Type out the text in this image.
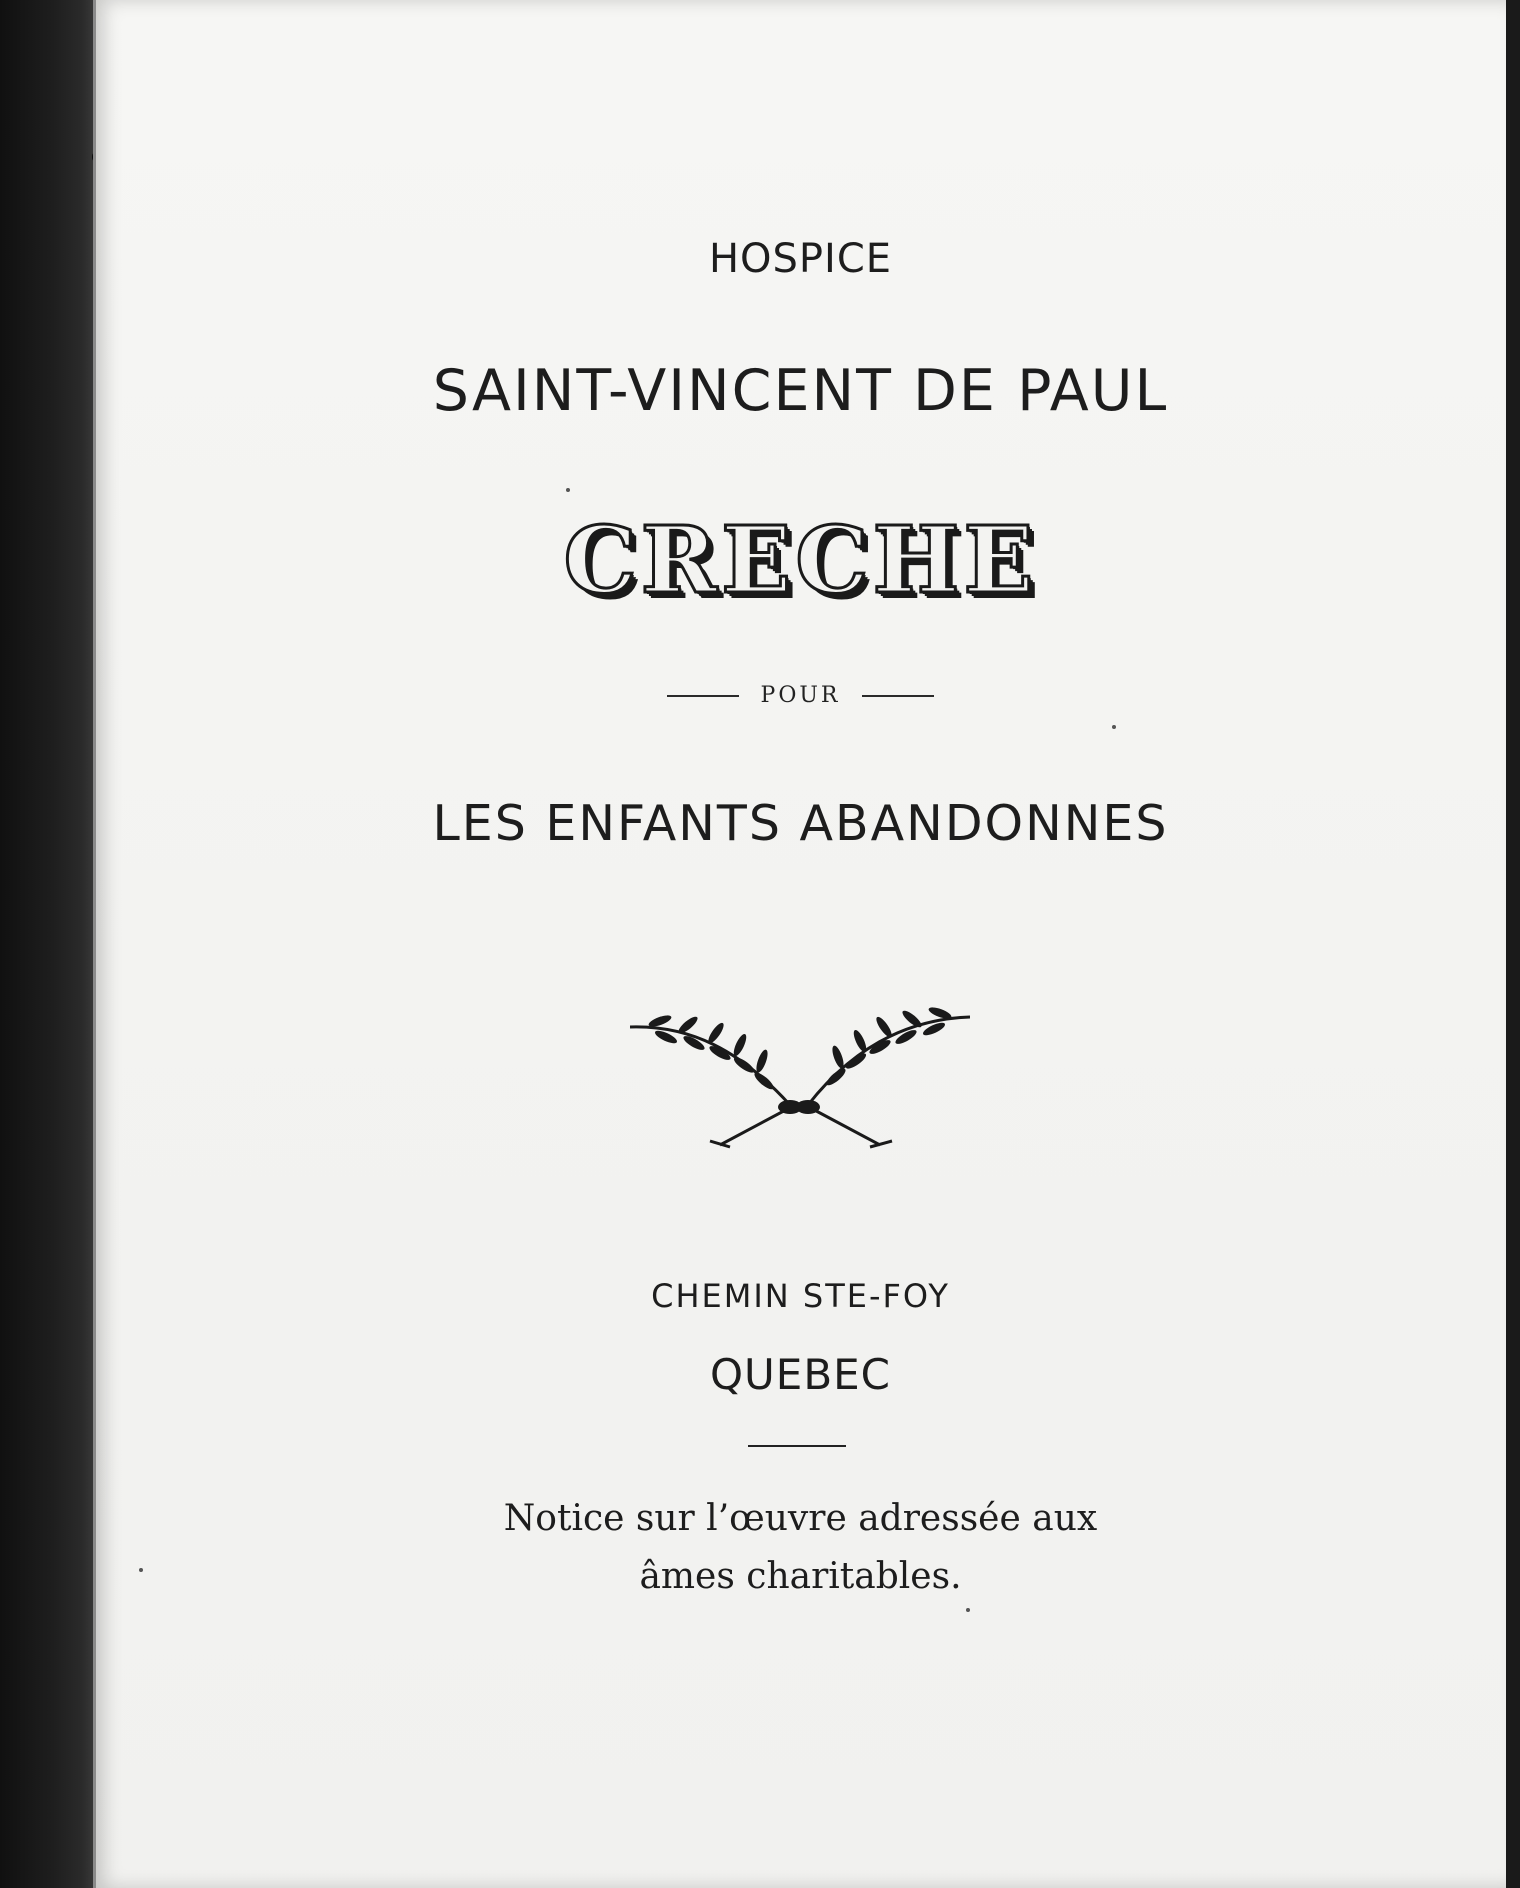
HOSPICE
SAINT-VINCENT DE PAUL
CRECHE
POUR
LES ENFANTS ABANDONNES
CHEMIN STE-FOY
QUEBEC
Notice sur l’œuvre adressée aux
âmes charitables.
